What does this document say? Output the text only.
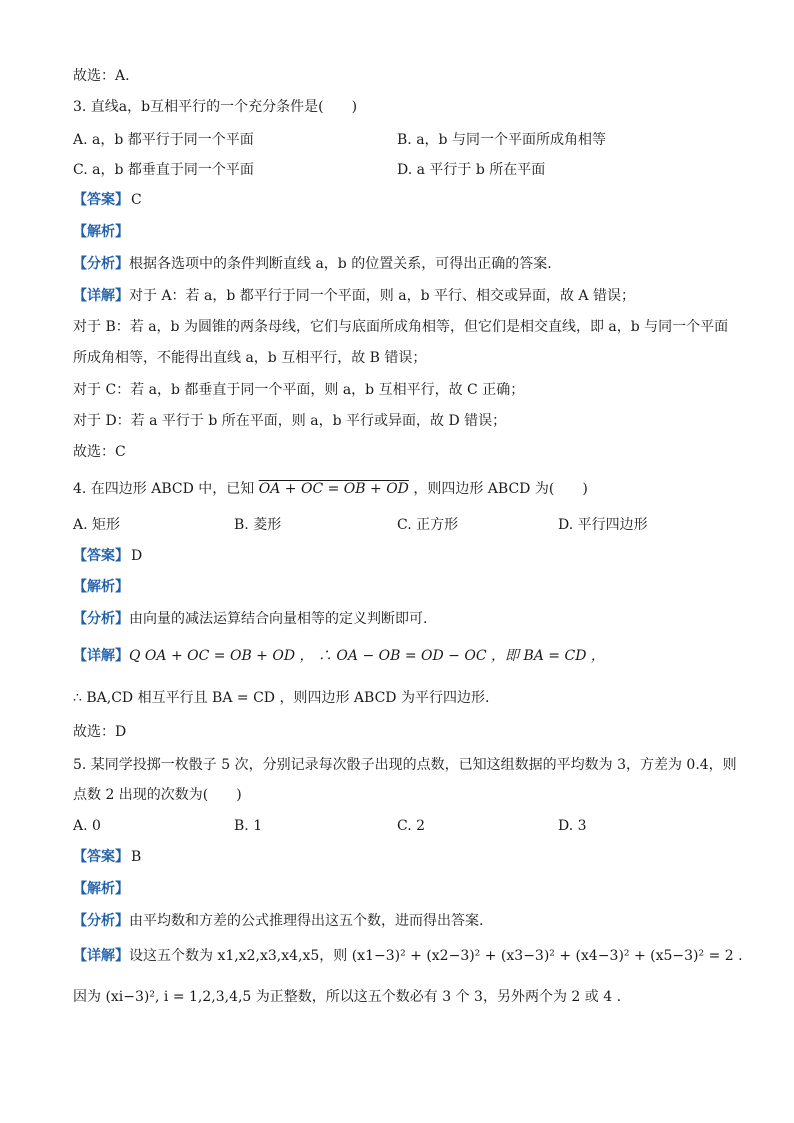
故选：A.
3. 直线a，b互相平行的一个充分条件是(　　)
A. a，b 都平行于同一个平面	B. a，b 与同一个平面所成角相等
C. a，b 都垂直于同一个平面	D. a 平行于 b 所在平面
【 答案 】 C
【 解析 】
【 分析 】 根据各选项中的条件判断直线 a，b 的位置关系，可得出正确的答案.
【 详解 】 对于 A：若 a，b 都平行于同一个平面，则 a，b 平行、相交或异面，故 A 错误；
对于 B：若 a，b 为圆锥的两条母线，它们与底面所成角相等，但它们是相交直线，即 a，b 与同一个平面
所成角相等，不能得出直线 a，b 互相平行，故 B 错误；
对于 C：若 a，b 都垂直于同一个平面，则 a，b 互相平行，故 C 正确；
对于 D：若 a 平行于 b 所在平面，则 a，b 平行或异面，故 D 错误；
故选：C
4. 在四边形 ABCD 中，已知 OA + OC = OB + OD ，则四边形 ABCD 为(　　)
A. 矩形	B. 菱形	C. 正方形	D. 平行四边形
【 答案 】 D
【 解析 】
【 分析 】 由向量的减法运算结合向量相等的定义判断即可.
【 详解 】 Q OA + OC = OB + OD ， ∴ OA − OB = OD − OC ，即 BA = CD ，
∴ BA,CD 相互平行且 BA = CD ，则四边形 ABCD 为平行四边形.
故选：D
5. 某同学投掷一枚骰子 5 次，分别记录每次骰子出现的点数，已知这组数据的平均数为 3，方差为 0.4，则
点数 2 出现的次数为(　　)
A. 0	B. 1	C. 2	D. 3
【 答案 】 B
【 解析 】
【 分析 】 由平均数和方差的公式推理得出这五个数，进而得出答案.
【 详解 】 设这五个数为 x1,x2,x3,x4,x5，则 (x1−3)² + (x2−3)² + (x3−3)² + (x4−3)² + (x5−3)² = 2 .
因为 (xi−3)², i = 1,2,3,4,5 为正整数，所以这五个数必有 3 个 3，另外两个为 2 或 4 .
